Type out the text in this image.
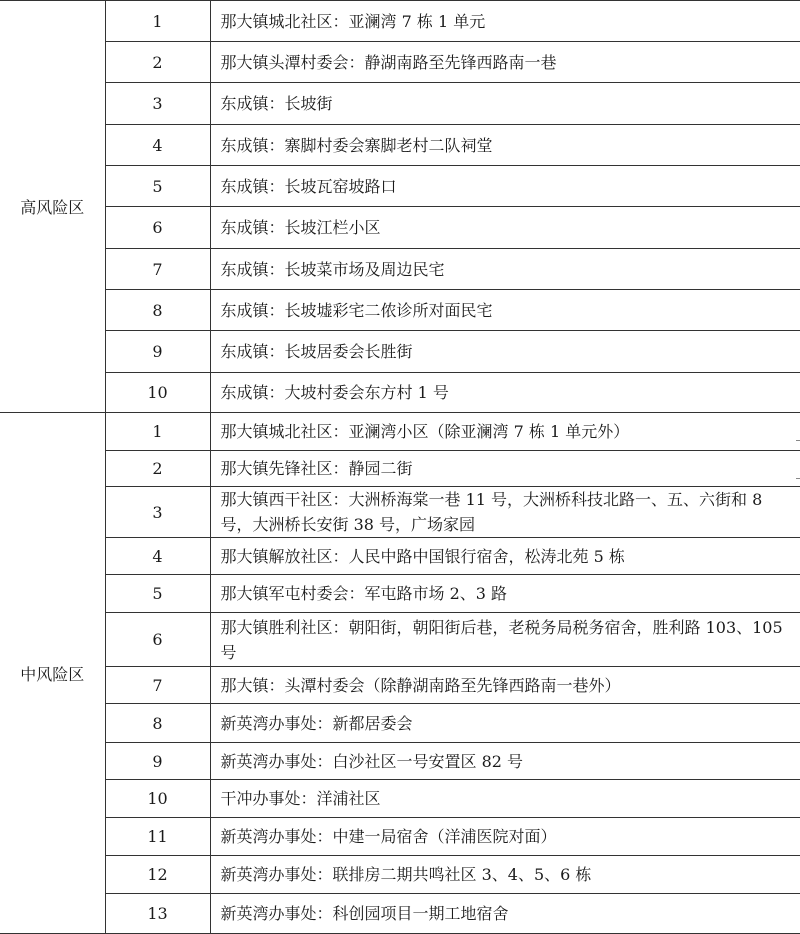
高风险区	1	那大镇城北社区：亚澜湾 7 栋 1 单元
	2	那大镇头潭村委会：静湖南路至先锋西路南一巷
	3	东成镇：长坡街
	4	东成镇：寨脚村委会寨脚老村二队祠堂
	5	东成镇：长坡瓦窑坡路口
	6	东成镇：长坡江栏小区
	7	东成镇：长坡菜市场及周边民宅
	8	东成镇：长坡墟彩宅二侬诊所对面民宅
	9	东成镇：长坡居委会长胜街
	10	东成镇：大坡村委会东方村 1 号
中风险区	1	那大镇城北社区：亚澜湾小区（除亚澜湾 7 栋 1 单元外）
	2	那大镇先锋社区：静园二街
	3	那大镇西干社区：大洲桥海棠一巷 11 号，大洲桥科技北路一、五、六街和 8 号，大洲桥长安街 38 号，广场家园
	4	那大镇解放社区：人民中路中国银行宿舍，松涛北苑 5 栋
	5	那大镇军屯村委会：军屯路市场 2、3 路
	6	那大镇胜利社区：朝阳街，朝阳街后巷，老税务局税务宿舍，胜利路 103、105 号
	7	那大镇：头潭村委会（除静湖南路至先锋西路南一巷外）
	8	新英湾办事处：新都居委会
	9	新英湾办事处：白沙社区一号安置区 82 号
	10	干冲办事处：洋浦社区
	11	新英湾办事处：中建一局宿舍（洋浦医院对面）
	12	新英湾办事处：联排房二期共鸣社区 3、4、5、6 栋
	13	新英湾办事处：科创园项目一期工地宿舍
